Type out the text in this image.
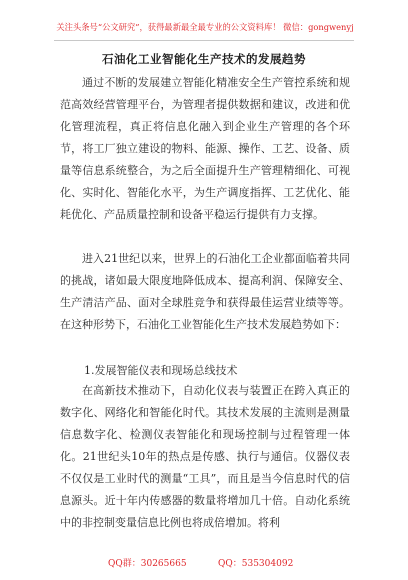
关注头条号“公文研究”，获得最新最全最专业的公文资料库！ 微信：gongwenyj
石油化工业智能化生产技术的发展趋势

通过不断的发展建立智能化精准安全生产管控系统和规范高效经营管理平台，为管理者提供数据和建议，改进和优化管理流程，真正将信息化融入到企业生产管理的各个环节，将工厂独立建设的物料、能源、操作、工艺、设备、质量等信息系统整合，为之后全面提升生产管理精细化、可视化、实时化、智能化水平，为生产调度指挥、工艺优化、能耗优化、产品质量控制和设备平稳运行提供有力支撑。

进入21世纪以来，世界上的石油化工企业都面临着共同的挑战，诸如最大限度地降低成本、提高利润、保障安全、生产清洁产品、面对全球胜竞争和获得最佳运营业绩等等。在这种形势下，石油化工业智能化生产技术发展趋势如下：

1.发展智能仪表和现场总线技术

在高新技术推动下，自动化仪表与装置正在跨入真正的数字化、网络化和智能化时代。其技术发展的主流则是测量信息数字化、检测仪表智能化和现场控制与过程管理一体化。21世纪头10年的热点是传感、执行与通信。仪器仪表不仅仅是工业时代的测量“工具”，而且是当今信息时代的信息源头。近十年内传感器的数量将增加几十倍。自动化系统中的非控制变量信息比例也将成倍增加。将利

QQ群：30265665	QQ：535304092
